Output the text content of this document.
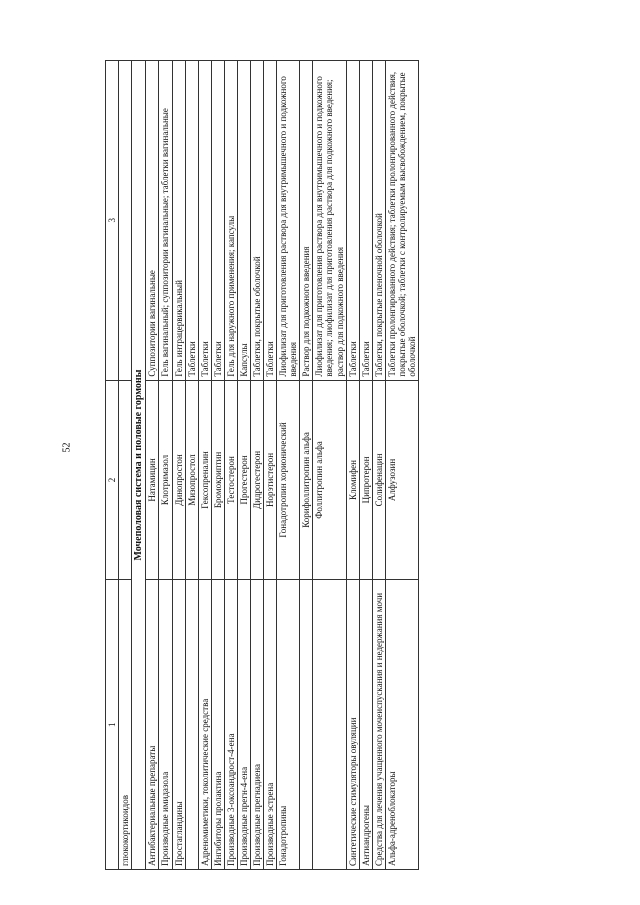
52
1	2	3
глюкокортикоидов		
Мочеполовая система и половые гормоны		
Антибактериальные препараты	Натамицин	Суппозитории вагинальные
Производные имидазола	Клотримазол	Гель вагинальный; суппозитории вагинальные; таблетки вагинальные
Простагландины	Динопростон	Гель интрацервикальный
	Мизопростол	Таблетки
Адреномиметики, токолитические средства	Гексопреналин	Таблетки
Ингибиторы пролактина	Бромокриптин	Таблетки
Производные 3-оксоандрост-4-ена	Тестостерон	Гель для наружного применения; капсулы
Производные прегн-4-ена	Прогестерон	Капсулы
Производные прегнадиена	Дидрогестерон	Таблетки, покрытые оболочкой
Производные эстрена	Норэтистерон	Таблетки
Гонадотропины	Гонадотропин хорионический	Лиофилизат для приготовления раствора для внутримышечного и подкожного введения
	Корифоллитропин альфа	Раствор для подкожного введения
	Фоллитропин альфа	Лиофилизат для приготовления раствора для внутримышечного и подкожного введения; лиофилизат для приготовления раствора для подкожного введения; раствор для подкожного введения
Синтетические стимуляторы овуляции	Кломифен	Таблетки
Антиандрогены	Ципротерон	Таблетки
Средства для лечения учащенного мочеиспускания и недержания мочи	Солифенацин	Таблетки, покрытые пленочной оболочкой
Альфа-адреноблокаторы	Алфузозин	Таблетки пролонгированного действия; таблетки пролонгированного действия, покрытые оболочкой; таблетки с контролируемым высвобождением, покрытые оболочкой
